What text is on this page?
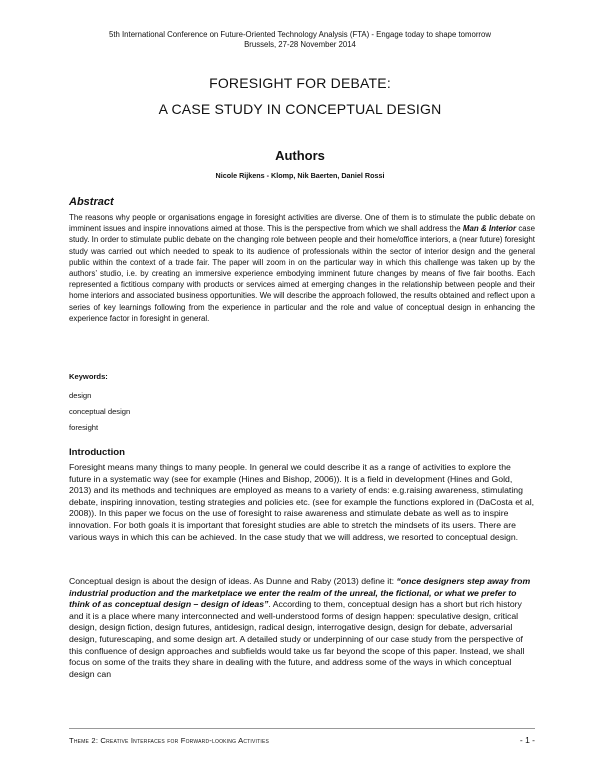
5th International Conference on Future-Oriented Technology Analysis (FTA) - Engage today to shape tomorrow
Brussels, 27-28 November 2014
FORESIGHT FOR DEBATE:
A CASE STUDY IN CONCEPTUAL DESIGN
Authors
Nicole Rijkens - Klomp, Nik Baerten, Daniel Rossi
Abstract

The reasons why people or organisations engage in foresight activities are diverse. One of them is to stimulate the public debate on imminent issues and inspire innovations aimed at those. This is the perspective from which we shall address the Man & Interior case study. In order to stimulate public debate on the changing role between people and their home/office interiors, a (near future) foresight study was carried out which needed to speak to its audience of professionals within the sector of interior design and the general public within the context of a trade fair. The paper will zoom in on the particular way in which this challenge was taken up by the authors’ studio, i.e. by creating an immersive experience embodying imminent future changes by means of five fair booths. Each represented a fictitious company with products or services aimed at emerging changes in the relationship between people and their home interiors and associated business opportunities. We will describe the approach followed, the results obtained and reflect upon a series of key learnings following from the experience in particular and the role and value of conceptual design in enhancing the experience factor in foresight in general.

Keywords:
design
conceptual design
foresight
Introduction

Foresight means many things to many people. In general we could describe it as a range of activities to explore the future in a systematic way (see for example (Hines and Bishop, 2006)). It is a field in development (Hines and Gold, 2013) and its methods and techniques are employed as means to a variety of ends: e.g.raising awareness, stimulating debate, inspiring innovation, testing strategies and policies etc. (see for example the functions explored in (DaCosta et al, 2008)). In this paper we focus on the use of foresight to raise awareness and stimulate debate as well as to inspire innovation. For both goals it is important that foresight studies are able to stretch the mindsets of its users. There are various ways in which this can be achieved. In the case study that we will address, we resorted to conceptual design.

Conceptual design is about the design of ideas. As Dunne and Raby (2013) define it: “once designers step away from industrial production and the marketplace we enter the realm of the unreal, the fictional, or what we prefer to think of as conceptual design – design of ideas”. According to them, conceptual design has a short but rich history and it is a place where many interconnected and well-understood forms of design happen: speculative design, critical design, design fiction, design futures, antidesign, radical design, interrogative design, design for debate, adversarial design, futurescaping, and some design art. A detailed study or underpinning of our case study from the perspective of this confluence of design approaches and subfields would take us far beyond the scope of this paper. Instead, we shall focus on some of the traits they share in dealing with the future, and address some of the ways in which conceptual design can

Theme 2: Creative Interfaces for Forward-looking Activities	- 1 -
